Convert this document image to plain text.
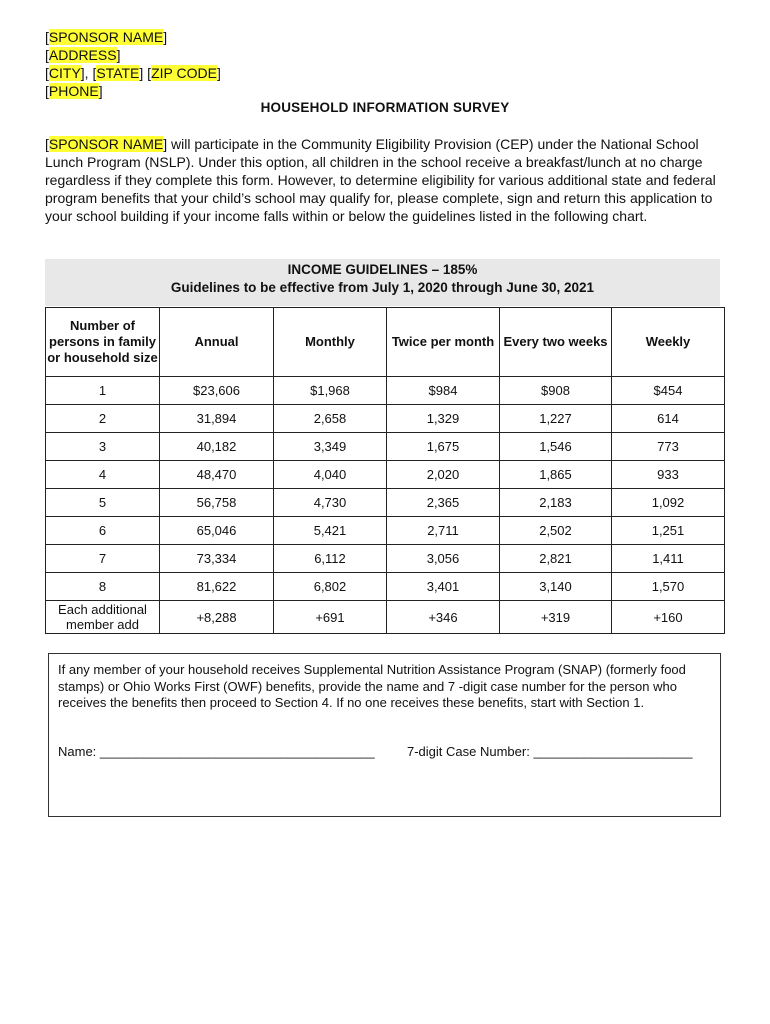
[SPONSOR NAME]
[ADDRESS]
[CITY], [STATE] [ZIP CODE]
[PHONE]
HOUSEHOLD INFORMATION SURVEY
[SPONSOR NAME] will participate in the Community Eligibility Provision (CEP) under the National School Lunch Program (NSLP). Under this option, all children in the school receive a breakfast/lunch at no charge regardless if they complete this form. However, to determine eligibility for various additional state and federal program benefits that your child’s school may qualify for, please complete, sign and return this application to your school building if your income falls within or below the guidelines listed in the following chart.
INCOME GUIDELINES – 185%
Guidelines to be effective from July 1, 2020 through June 30, 2021
Number of persons in family or household size	Annual	Monthly	Twice per month	Every two weeks	Weekly
1	$23,606	$1,968	$984	$908	$454
2	31,894	2,658	1,329	1,227	614
3	40,182	3,349	1,675	1,546	773
4	48,470	4,040	2,020	1,865	933
5	56,758	4,730	2,365	2,183	1,092
6	65,046	5,421	2,711	2,502	1,251
7	73,334	6,112	3,056	2,821	1,411
8	81,622	6,802	3,401	3,140	1,570
Each additional member add	+8,288	+691	+346	+319	+160
If any member of your household receives Supplemental Nutrition Assistance Program (SNAP) (formerly food stamps) or Ohio Works First (OWF) benefits, provide the name and 7 -digit case number for the person who receives the benefits then proceed to Section 4. If no one receives these benefits, start with Section 1.
Name: ______________________________________ 7-digit Case Number: ______________________
